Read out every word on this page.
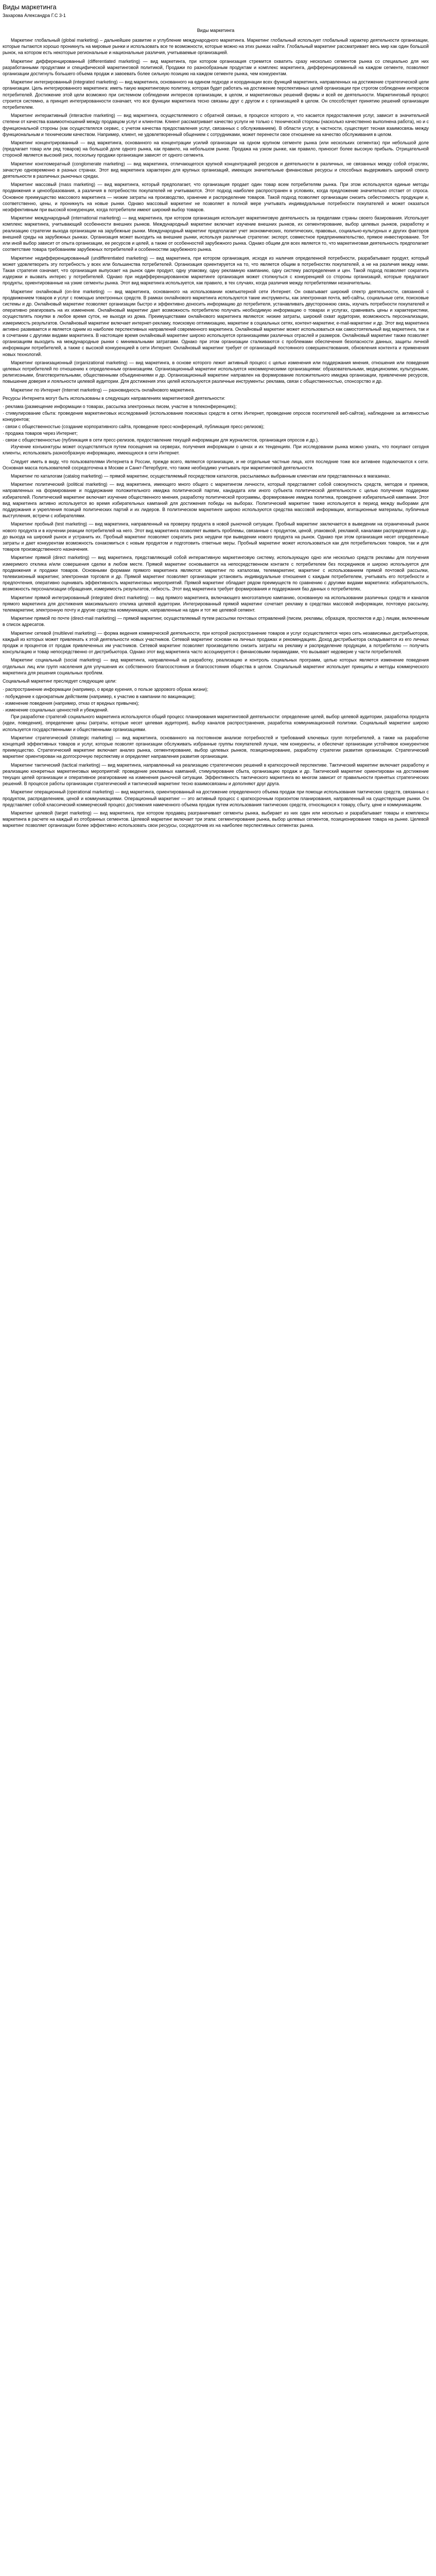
Виды маркетинга
Захарова Александра Г.С 3-1
Виды маркетинга

Маркетинг глобальный (global marketing) – дальнейшее развитие и углубление международного маркетинга. Маркетинг глобальный использует глобальный характер деятельности организации, которые пытаются хорошо проникнуть на мировые рынки и использовать все те возможности, которые можно на этих рынках найти. Глобальный маркетинг рассматривает весь мир как один большой рынок, на котором есть некоторые региональные и национальные различия, учитываемые организацией.

Маркетинг дифференцированный (differentiated marketing) — вид маркетинга, при котором организация стремится охватить сразу несколько сегментов рынка со специально для них разработанными продуктами и специфической маркетинговой политикой, Продажи по разнообразным продуктам и комплекс маркетинга, дифференцированный на каждом сегменте, позволяют организации достигнуть большего объема продаж и завоевать более сильную позицию на каждом сегменте рынка, чем конкурентам.

Маркетинг интегрированный (integrated marketing) — вид маркетинга, основанного на едином подходе и координации всех функций маркетинга, направленных на достижение стратегической цели организации. Цель интегрированного маркетинга: иметь такую маркетинговую политику, которая будет работать на достижение перспективных целей организации при строгом соблюдении интересов потребителей. Достижение этой цели возможно при системном соблюдении интересов организации, в целом, и маркетинговых решений фирмы и всей ее деятельности. Маркетинговый процесс строится системно, а принцип интегрированности означает, что все функции маркетинга тесно связаны друг с другом и с организацией в целом. Он способствует принятию решений организации потребителем.

Маркетинг интерактивный (interactive marketing) — вид маркетинга, осуществляемого с обратной связью, в процессе которого и, что касается предоставления услуг, зависит в значительной степени от качества взаимоотношений между продавцом услуг и клиентом. Клиент рассматривает качество услуги не только с технической стороны (насколько качественно выполнена работа), но и с функциональной стороны (как осуществлялся сервис, с учетом качества предоставления услуг, связанных с обслуживанием). В области услуг, в частности, существует тесная взаимосвязь между функциональным и техническим качеством. Например, клиент, не удовлетворенный общением с сотрудниками, может перенести свое отношение на качество обслуживания в целом.

Маркетинг концентрированный — вид маркетинга, основанного на концентрации усилий организации на одном крупном сегменте рынка (или нескольких сегментах) при небольшой доле (предлагает товар или ряд товаров) на большой доле одного рынка, как правило, на небольшом рынке. Продажа на узком рынке, как правило, приносит более высокую прибыль. Отрицательной стороной является высокий риск, поскольку продажи организации зависят от одного сегмента.

Маркетинг конгломератный (conglomerate marketing) — вид маркетинга, отличающегося крупной концентрацией ресурсов и деятельности в различных, не связанных между собой отраслях, зачастую одновременно в разных странах. Этот вид маркетинга характерен для крупных организаций, имеющих значительные финансовые ресурсы и способных выдерживать широкий спектр деятельности в различных рыночных средах.

Маркетинг массовый (mass marketing) — вид маркетинга, который предполагает, что организация продает один товар всем потребителям рынка. При этом используются единые методы продвижения и ценообразования, а различия в потребностях покупателей не учитываются. Этот подход наиболее распространен в условиях, когда предложение значительно отстает от спроса. Основное преимущество массового маркетинга — низкие затраты на производство, хранение и распределение товаров. Такой подход позволяет организации снизить себестоимость продукции и, соответственно, цены, и проникнуть на новые рынки. Однако массовый маркетинг не позволяет в полной мере учитывать индивидуальные потребности покупателей и может оказаться неэффективным при высокой конкуренции, когда потребители имеют широкий выбор товаров.

Маркетинг международный (international marketing) — вид маркетинга, при котором организация использует маркетинговую деятельность за пределами страны своего базирования. Использует комплекс маркетинга, учитывающий особенности внешних рынков. Международный маркетинг включает изучение внешних рынков, их сегментирование, выбор целевых рынков, разработку и реализацию стратегии выхода организации на зарубежные рынки. Международный маркетинг предполагает учет экономических, политических, правовых, социально-культурных и других факторов внешней среды на зарубежных рынках. Организация может выходить на внешние рынки, используя различные стратегии: экспорт, совместное предпринимательство, прямое инвестирование. Тот или иной выбор зависит от опыта организации, ее ресурсов и целей, а также от особенностей зарубежного рынка. Однако общим для всех является то, что маркетинговая деятельность предполагает соответствие товара требованиям зарубежных потребителей и особенностям зарубежного рынка.

Маркетинг недифференцированный (undifferentiated marketing) — вид маркетинга, при котором организация, исходя из наличия определенной потребности, разрабатывает продукт, который может удовлетворить эту потребность у всех или большинства потребителей. Организация ориентируется на то, что является общим в потребностях покупателей, а не на различия между ними. Такая стратегия означает, что организация выпускает на рынок один продукт, одну упаковку, одну рекламную кампанию, одну систему распределения и цен. Такой подход позволяет сократить издержки и вызвать интерес у потребителей. Однако при недифференцированном маркетинге организация может столкнуться с конкуренцией со стороны организаций, которые предлагают продукты, ориентированные на узкие сегменты рынка. Этот вид маркетинга используется, как правило, в тех случаях, когда различия между потребителями незначительны.

Маркетинг онлайновый (on-line marketing) — вид маркетинга, основанного на использовании компьютерной сети Интернет. Он охватывает широкий спектр деятельности, связанной с продвижением товаров и услуг с помощью электронных средств. В рамках онлайнового маркетинга используются такие инструменты, как электронная почта, веб-сайты, социальные сети, поисковые системы и др. Онлайновый маркетинг позволяет организации быстро и эффективно доносить информацию до потребителя, устанавливать двустороннюю связь, изучать потребности покупателей и оперативно реагировать на их изменение. Онлайновый маркетинг дает возможность потребителю получать необходимую информацию о товарах и услугах, сравнивать цены и характеристики, осуществлять покупки в любое время суток, не выходя из дома. Преимуществами онлайнового маркетинга являются: низкие затраты, широкий охват аудитории, возможность персонализации, измеримость результатов. Онлайновый маркетинг включает интернет-рекламу, поисковую оптимизацию, маркетинг в социальных сетях, контент-маркетинг, e-mail-маркетинг и др. Этот вид маркетинга активно развивается и является одним из наиболее перспективных направлений современного маркетинга. Онлайновый маркетинг может использоваться как самостоятельный вид маркетинга, так и в сочетании с другими видами маркетинга. В настоящее время онлайновый маркетинг широко используется организациями различных отраслей и размеров. Онлайновый маркетинг также позволяет организациям выходить на международные рынки с минимальными затратами. Однако при этом организации сталкиваются с проблемами обеспечения безопасности данных, защиты личной информации потребителей, а также с высокой конкуренцией в сети Интернет. Онлайновый маркетинг требует от организаций постоянного совершенствования, обновления контента и применения новых технологий.

Маркетинг организационный (organizational marketing) — вид маркетинга, в основе которого лежит активный процесс с целью изменения или поддержания мнения, отношения или поведения целевых потребителей по отношению к определенным организациям. Организационный маркетинг используется некоммерческими организациями: образовательными, медицинскими, культурными, религиозными, благотворительными, общественными объединениями и др. Организационный маркетинг направлен на формирование положительного имиджа организации, привлечение ресурсов, повышение доверия и лояльности целевой аудитории. Для достижения этих целей используются различные инструменты: реклама, связи с общественностью, спонсорство и др.

Маркетинг по Интернет (Internet marketing) — разновидность онлайнового маркетинга.

Ресурсы Интернета могут быть использованы в следующих направлениях маркетинговой деятельности:

· реклама (размещение информации о товарах, рассылка электронных писем, участие в телеконференциях);

· стимулирование сбыта: проведение маркетинговых исследований (использование поисковых средств в сетях Интернет, проведение опросов посетителей веб-сайтов), наблюдение за активностью конкурентов;

· связи с общественностью (создание корпоративного сайта, проведение пресс-конференций, публикация пресс-релизов);

· продажа товаров через Интернет;

· связи с общественностью (публикация в сети пресс-релизов, предоставление текущей информации для журналистов, организация опросов и др.).

Изучение конъюнктуры может осуществляться путем посещения на серверах, получения информации о ценах и их тенденциях. При исследовании рынка можно узнать, что покупают сегодня клиенты, использовать разнообразную информацию, имеющуюся в сети Интернет.

Следует иметь в виду, что пользователями Интернета в России, прежде всего, являются организации, и не отдельные частные лица, хотя последние тоже все активнее подключаются к сети. Основная масса пользователей сосредоточена в Москве и Санкт-Петербурге, что также необходимо учитывать при маркетинговой деятельности.

Маркетинг по каталогам (catalog marketing) — прямой маркетинг, осуществляемый посредством каталогов, рассылаемых выбранным клиентам или представленных в магазинах.

Маркетинг политический (political marketing) — вид маркетинга, имеющего много общего с маркетингом личности, который представляет собой совокупность средств, методов и приемов, направленных на формирование и поддержание положительного имиджа политической партии, кандидата или иного субъекта политической деятельности с целью получения поддержки избирателей. Политический маркетинг включает изучение общественного мнения, разработку политической программы, формирование имиджа политика, проведение избирательной кампании. Этот вид маркетинга активно используется во время избирательных кампаний для достижения победы на выборах. Политический маркетинг также используется в период между выборами для поддержания и укрепления позиций политических партий и их лидеров. В политическом маркетинге широко используются средства массовой информации, агитационные материалы, публичные выступления, встречи с избирателями.

Маркетинг пробный (test marketing) — вид маркетинга, направленный на проверку продукта в новой рыночной ситуации. Пробный маркетинг заключается в выведении на ограниченный рынок нового продукта и в изучении реакции потребителей на него. Этот вид маркетинга позволяет выявить проблемы, связанные с продуктом, ценой, упаковкой, рекламой, каналами распределения и др., до выхода на широкий рынок и устранить их. Пробный маркетинг позволяет сократить риск неудачи при выведении нового продукта на рынок. Однако при этом организация несет определенные затраты и дает конкурентам возможность ознакомиться с новым продуктом и подготовить ответные меры. Пробный маркетинг может использоваться как для потребительских товаров, так и для товаров производственного назначения.

Маркетинг прямой (direct marketing) — вид маркетинга, представляющий собой интерактивную маркетинговую систему, использующую одно или несколько средств рекламы для получения измеримого отклика и/или совершения сделки в любом месте. Прямой маркетинг основывается на непосредственном контакте с потребителем без посредников и широко используется для продвижения и продажи товаров. Основными формами прямого маркетинга являются: маркетинг по каталогам, телемаркетинг, маркетинг с использованием прямой почтовой рассылки, телевизионный маркетинг, электронная торговля и др. Прямой маркетинг позволяет организации установить индивидуальные отношения с каждым потребителем, учитывать его потребности и предпочтения, оперативно оценивать эффективность маркетинговых мероприятий. Прямой маркетинг обладает рядом преимуществ по сравнению с другими видами маркетинга: избирательность, возможность персонализации обращения, измеримость результатов, гибкость. Этот вид маркетинга требует формирования и поддержания баз данных о потребителях.

Маркетинг прямой интегрированный (integrated direct marketing) — вид прямого маркетинга, включающего многоэтапную кампанию, основанную на использовании различных средств и каналов прямого маркетинга для достижения максимального отклика целевой аудитории. Интегрированный прямой маркетинг сочетает рекламу в средствах массовой информации, почтовую рассылку, телемаркетинг, электронную почту и другие средства коммуникации, направленные на один и тот же целевой сегмент.

Маркетинг прямой по почте (direct-mail marketing) — прямой маркетинг, осуществляемый путем рассылки почтовых отправлений (писем, рекламы, образцов, проспектов и др.) лицам, включенным в список адресатов.

Маркетинг сетевой (multilevel marketing) — форма ведения коммерческой деятельности, при которой распространение товаров и услуг осуществляется через сеть независимых дистрибьюторов, каждый из которых может привлекать к этой деятельности новых участников. Сетевой маркетинг основан на личных продажах и рекомендациях. Доход дистрибьютора складывается из его личных продаж и процентов от продаж привлеченных им участников. Сетевой маркетинг позволяет производителю снизить затраты на рекламу и распределение продукции, а потребителю — получить консультацию и товар непосредственно от дистрибьютора. Однако этот вид маркетинга часто ассоциируется с финансовыми пирамидами, что вызывает недоверие у части потребителей.

Маркетинг социальный (social marketing) — вид маркетинга, направленный на разработку, реализацию и контроль социальных программ, целью которых является изменение поведения отдельных лиц или групп населения для улучшения их собственного благосостояния и благосостояния общества в целом. Социальный маркетинг использует принципы и методы коммерческого маркетинга для решения социальных проблем.

Социальный маркетинг преследует следующие цели:

· распространение информации (например, о вреде курения, о пользе здорового образа жизни);

· побуждение к однократным действиям (например, к участию в кампании по вакцинации);

· изменение поведения (например, отказ от вредных привычек);

· изменение социальных ценностей и убеждений.

При разработке стратегий социального маркетинга используются общий процесс планирования маркетинговой деятельности: определение целей, выбор целевой аудитории, разработка продукта (идеи, поведения), определение цены (затраты, которые несет целевая аудитория), выбор каналов распространения, разработка коммуникационной политики. Социальный маркетинг широко используется государственными и общественными организациями.

Маркетинг стратегический (strategic marketing) — вид маркетинга, основанного на постоянном анализе потребностей и требований ключевых групп потребителей, а также на разработке концепций эффективных товаров и услуг, которые позволят организации обслуживать избранные группы покупателей лучше, чем конкуренты, и обеспечат организации устойчивое конкурентное преимущество. Стратегический маркетинг включает анализ рынка, сегментирование, выбор целевых рынков, позиционирование, разработку стратегии развития организации. Стратегический маркетинг ориентирован на долгосрочную перспективу и определяет направления развития организации.

Маркетинг тактический (tactical marketing) — вид маркетинга, направленный на реализацию стратегических решений в краткосрочной перспективе. Тактический маркетинг включает разработку и реализацию конкретных маркетинговых мероприятий: проведение рекламных кампаний, стимулирование сбыта, организацию продаж и др. Тактический маркетинг ориентирован на достижение текущих целей организации и оперативное реагирование на изменения рыночной ситуации. Эффективность тактического маркетинга во многом зависит от правильности принятых стратегических решений. В процессе работы организации стратегический и тактический маркетинг тесно взаимосвязаны и дополняют друг друга.

Маркетинг операционный (operational marketing) — вид маркетинга, ориентированный на достижение определенного объема продаж при помощи использования тактических средств, связанных с продуктом, распределением, ценой и коммуникациями. Операционный маркетинг — это активный процесс с краткосрочным горизонтом планирования, направленный на существующие рынки. Он представляет собой классический коммерческий процесс достижения намеченного объема продаж путем использования тактических средств, относящихся к товару, сбыту, цене и коммуникациям.

Маркетинг целевой (target marketing) — вид маркетинга, при котором продавец разграничивает сегменты рынка, выбирает из них один или несколько и разрабатывает товары и комплексы маркетинга в расчете на каждый из отобранных сегментов. Целевой маркетинг включает три этапа: сегментирование рынка, выбор целевых сегментов, позиционирование товара на рынке. Целевой маркетинг позволяет организации более эффективно использовать свои ресурсы, сосредоточив их на наиболее перспективных сегментах рынка.
